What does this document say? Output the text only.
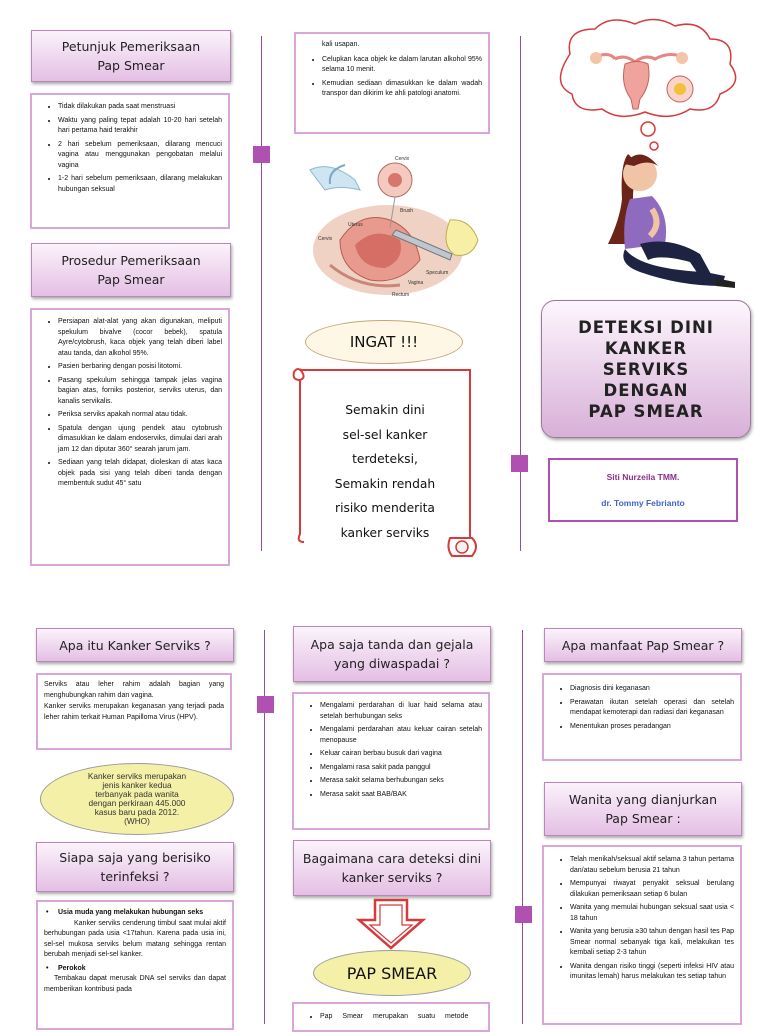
Petunjuk Pemeriksaan
Pap Smear
• Tidak dilakukan pada saat menstruasi
• Waktu yang paling tepat adalah 10-20 hari setelah hari pertama haid terakhir
• 2 hari sebelum pemeriksaan, dilarang mencuci vagina atau menggunakan pengobatan melalui vagina
• 1-2 hari sebelum pemeriksaan, dilarang melakukan hubungan seksual
Prosedur Pemeriksaan
Pap Smear
• Persiapan alat-alat yang akan digunakan, meliputi spekulum bivalve (cocor bebek), spatula Ayre/cytobrush, kaca objek yang telah diberi label atau tanda, dan alkohol 95%.
• Pasien berbaring dengan posisi litotomi.
• Pasang spekulum sehingga tampak jelas vagina bagian atas, forniks posterior, serviks uterus, dan kanalis servikalis.
• Periksa serviks apakah normal atau tidak.
• Spatula dengan ujung pendek atau cytobrush dimasukkan ke dalam endoserviks, dimulai dari arah jam 12 dan diputar 360° searah jarum jam.
• Sediaan yang telah didapat, dioleskan di atas kaca objek pada sisi yang telah diberi tanda dengan membentuk sudut 45° satu

kali usapan.

• Celupkan kaca objek ke dalam larutan alkohol 95% selama 10 menit.
• Kemudian sediaan dimasukkan ke dalam wadah transpor dan dikirim ke ahli patologi anatomi.
Cervix
Brush
Uterus
Cervix
Speculum
Vagina
Rectum
INGAT !!!
Semakin dini
sel-sel kanker
terdeteksi,
Semakin rendah
risiko menderita
kanker serviks
DETEKSI DINI
KANKER
SERVIKS
DENGAN
PAP SMEAR
Siti Nurzeila TMM.
dr. Tommy Febrianto
Apa itu Kanker Serviks ?

Serviks atau leher rahim adalah bagian yang menghubungkan rahim dan vagina.

Kanker serviks merupakan keganasan yang terjadi pada leher rahim terkait Human Papilloma Virus (HPV).

Kanker serviks merupakan
jenis kanker kedua
terbanyak pada wanita
dengan perkiraan 445.000
kasus baru pada 2012.
(WHO)
Siapa saja yang berisiko
terinfeksi ?
• Usia muda yang melakukan hubungan seks

Kanker serviks cenderung timbul saat mulai aktif berhubungan pada usia <17tahun. Karena pada usia ini, sel-sel mukosa serviks belum matang sehingga rentan berubah menjadi sel-sel kanker.

• Perokok

Tembakau dapat merusak DNA sel serviks dan dapat memberikan kontribusi pada

Apa saja tanda dan gejala
yang diwaspadai ?
• Mengalami perdarahan di luar haid selama atau setelah berhubungan seks
• Mengalami perdarahan atau keluar cairan setelah menopause
• Keluar cairan berbau busuk dari vagina
• Mengalami rasa sakit pada panggul
• Merasa sakit selama berhubungan seks
• Merasa sakit saat BAB/BAK
Bagaimana cara deteksi dini
kanker serviks ?
PAP SMEAR
• Pap Smear merupakan suatu metode
Apa manfaat Pap Smear ?
• Diagnosis dini keganasan
• Perawatan ikutan setelah operasi dan setelah mendapat kemoterapi dan radiasi dari keganasan
• Menentukan proses peradangan
Wanita yang dianjurkan
Pap Smear :
• Telah menikah/seksual aktif selama 3 tahun pertama dan/atau sebelum berusia 21 tahun
• Mempunyai riwayat penyakit seksual berulang dilakukan pemeriksaan setiap 6 bulan
• Wanita yang memulai hubungan seksual saat usia < 18 tahun
• Wanita yang berusia ≥30 tahun dengan hasil tes Pap Smear normal sebanyak tiga kali, melakukan tes kembali setiap 2-3 tahun
• Wanita dengan risiko tinggi (seperti infeksi HIV atau imunitas lemah) harus melakukan tes setiap tahun
